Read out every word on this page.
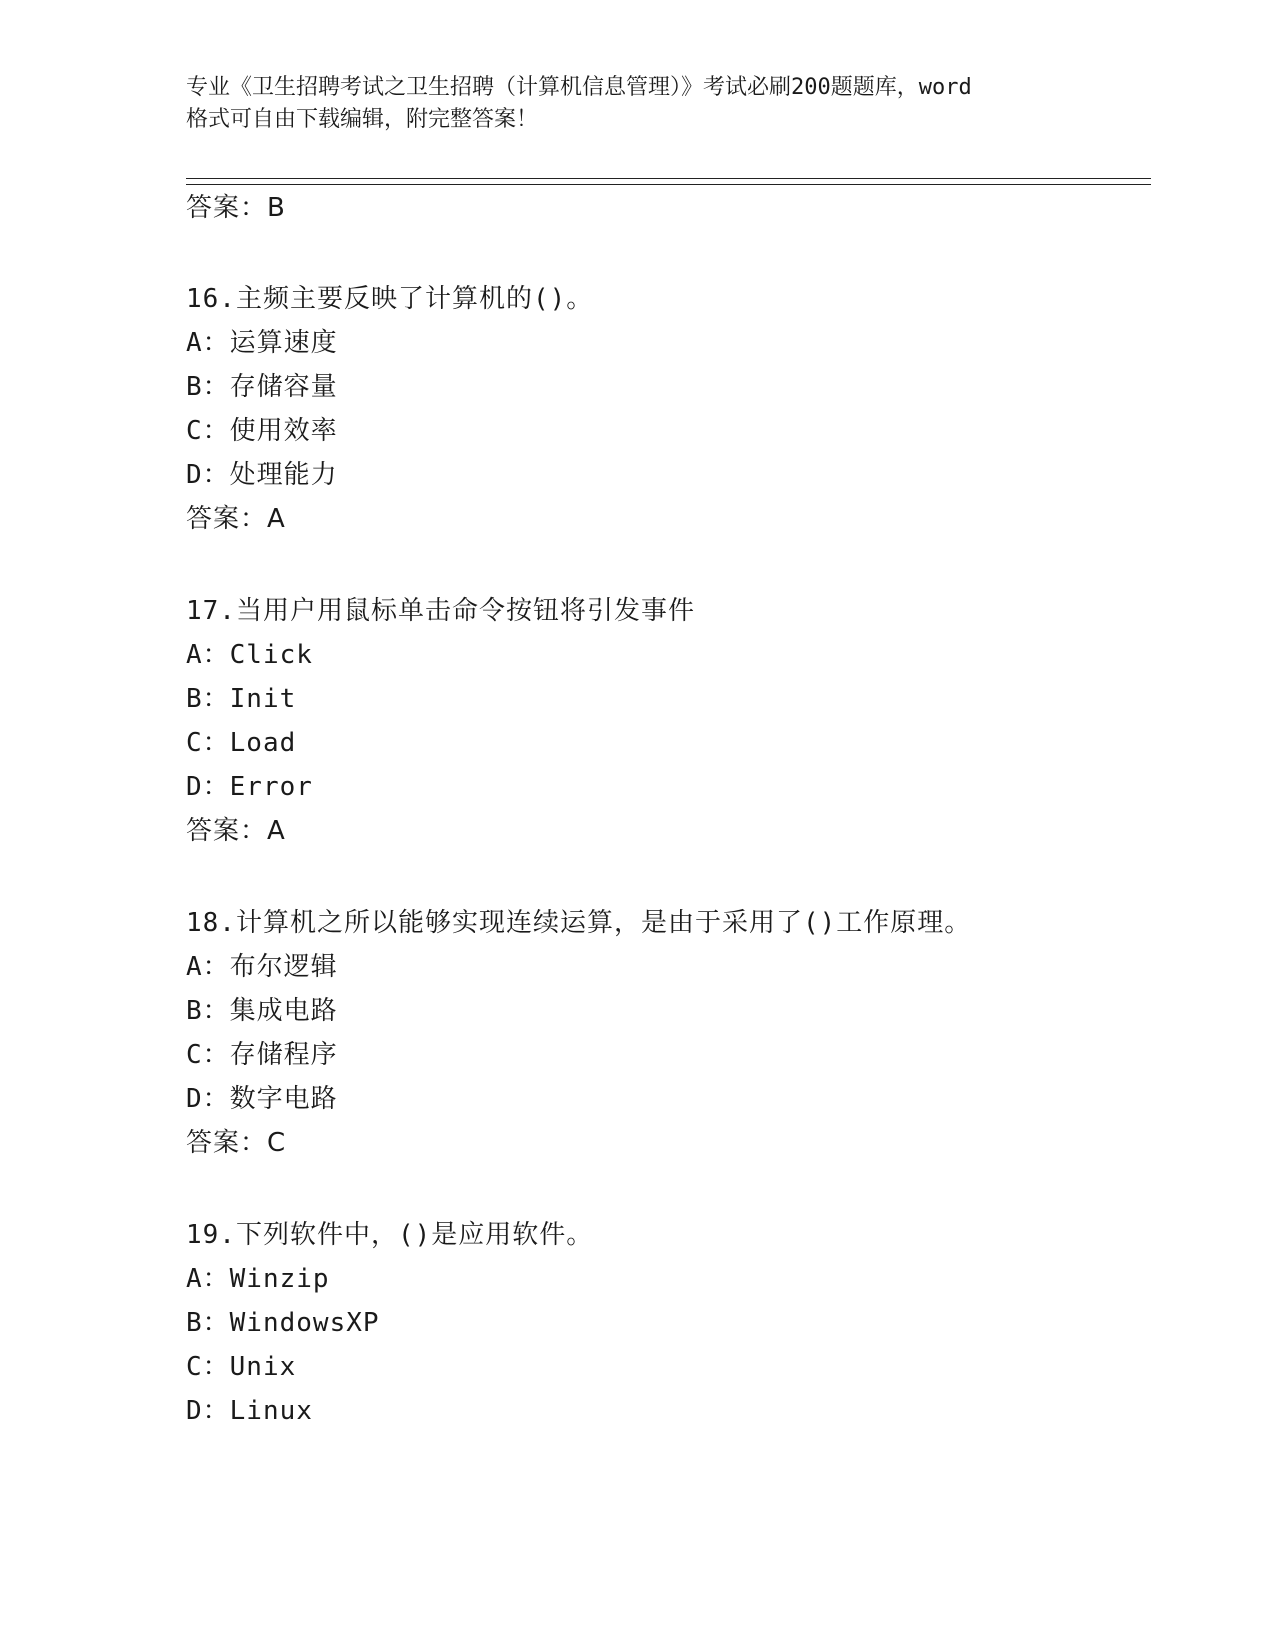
专业《卫生招聘考试之卫生招聘（计算机信息管理）》考试必刷200题题库，word
格式可自由下载编辑，附完整答案！
答案：B
16.主频主要反映了计算机的()。
A：运算速度
B：存储容量
C：使用效率
D：处理能力
答案：A
17.当用户用鼠标单击命令按钮将引发事件
A：Click
B：Init
C：Load
D：Error
答案：A
18.计算机之所以能够实现连续运算，是由于采用了()工作原理。
A：布尔逻辑
B：集成电路
C：存储程序
D：数字电路
答案：C
19.下列软件中，()是应用软件。
A：Winzip
B：WindowsXP
C：Unix
D：Linux
